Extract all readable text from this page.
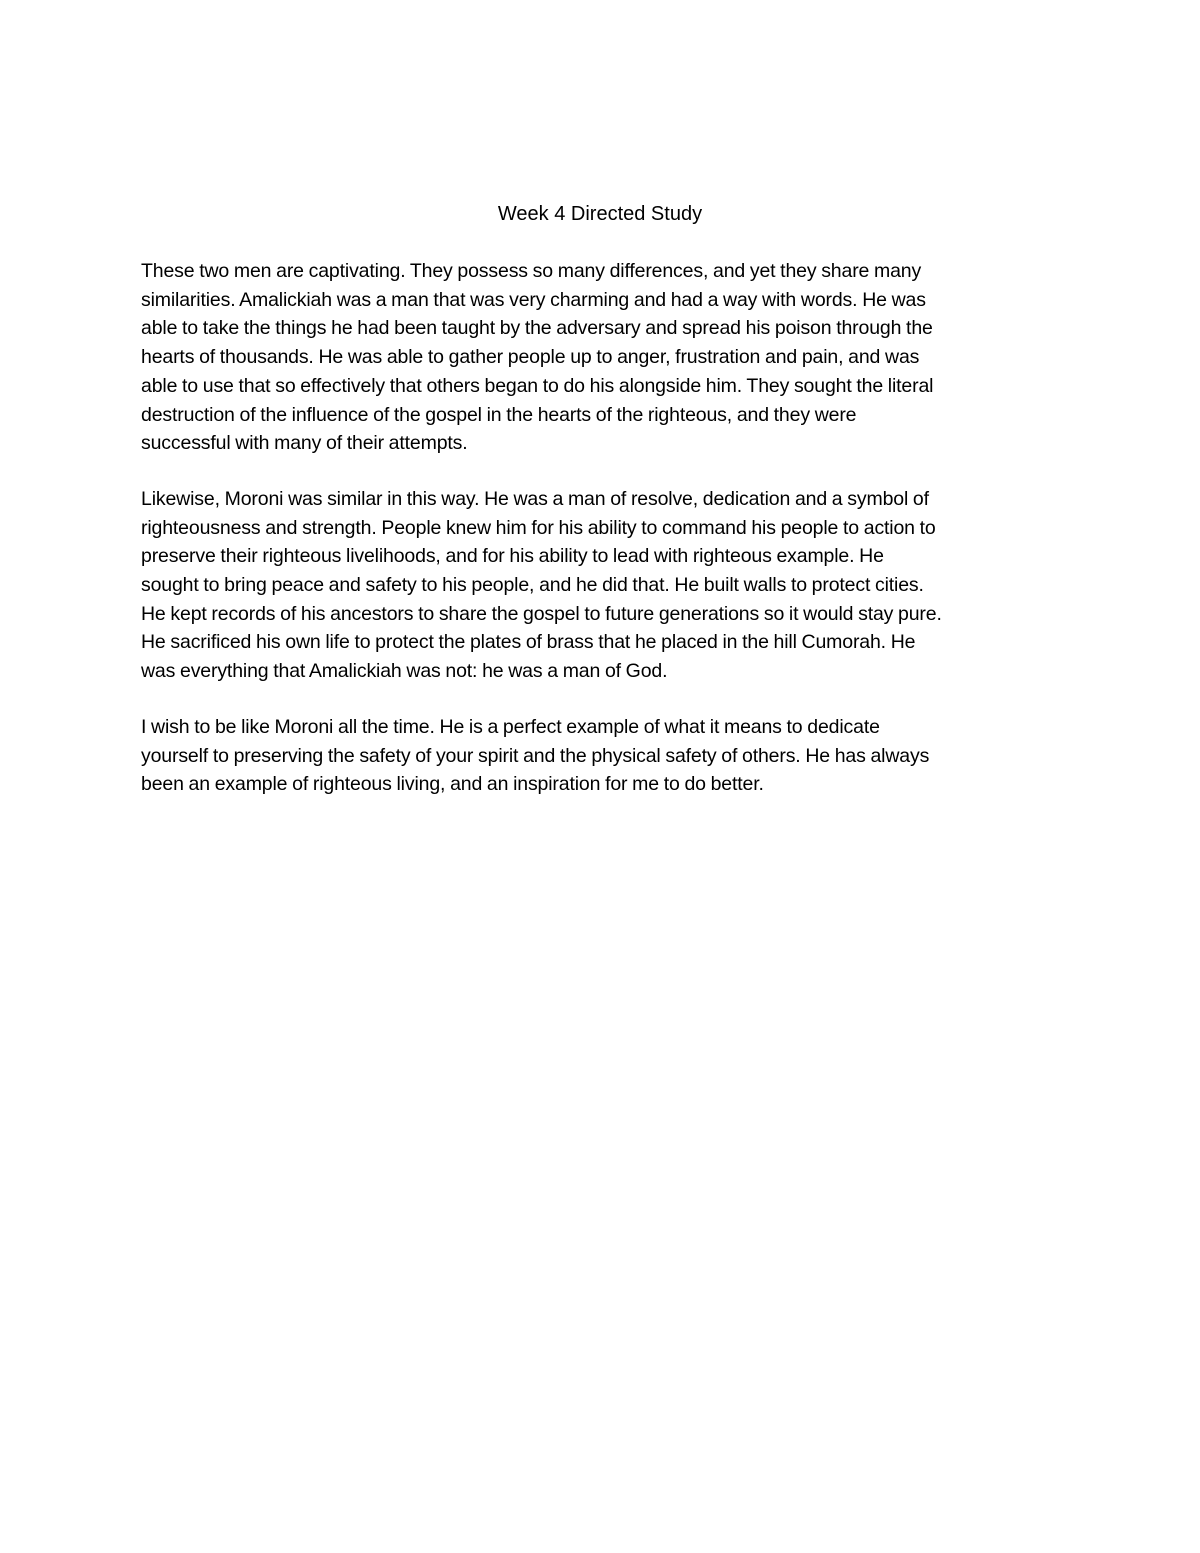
Week 4 Directed Study

These two men are captivating. They possess so many differences, and yet they share many
similarities. Amalickiah was a man that was very charming and had a way with words. He was
able to take the things he had been taught by the adversary and spread his poison through the
hearts of thousands. He was able to gather people up to anger, frustration and pain, and was
able to use that so effectively that others began to do his alongside him. They sought the literal
destruction of the influence of the gospel in the hearts of the righteous, and they were
successful with many of their attempts.

Likewise, Moroni was similar in this way. He was a man of resolve, dedication and a symbol of
righteousness and strength. People knew him for his ability to command his people to action to
preserve their righteous livelihoods, and for his ability to lead with righteous example. He
sought to bring peace and safety to his people, and he did that. He built walls to protect cities.
He kept records of his ancestors to share the gospel to future generations so it would stay pure.
He sacrificed his own life to protect the plates of brass that he placed in the hill Cumorah. He
was everything that Amalickiah was not: he was a man of God.

I wish to be like Moroni all the time. He is a perfect example of what it means to dedicate
yourself to preserving the safety of your spirit and the physical safety of others. He has always
been an example of righteous living, and an inspiration for me to do better.
